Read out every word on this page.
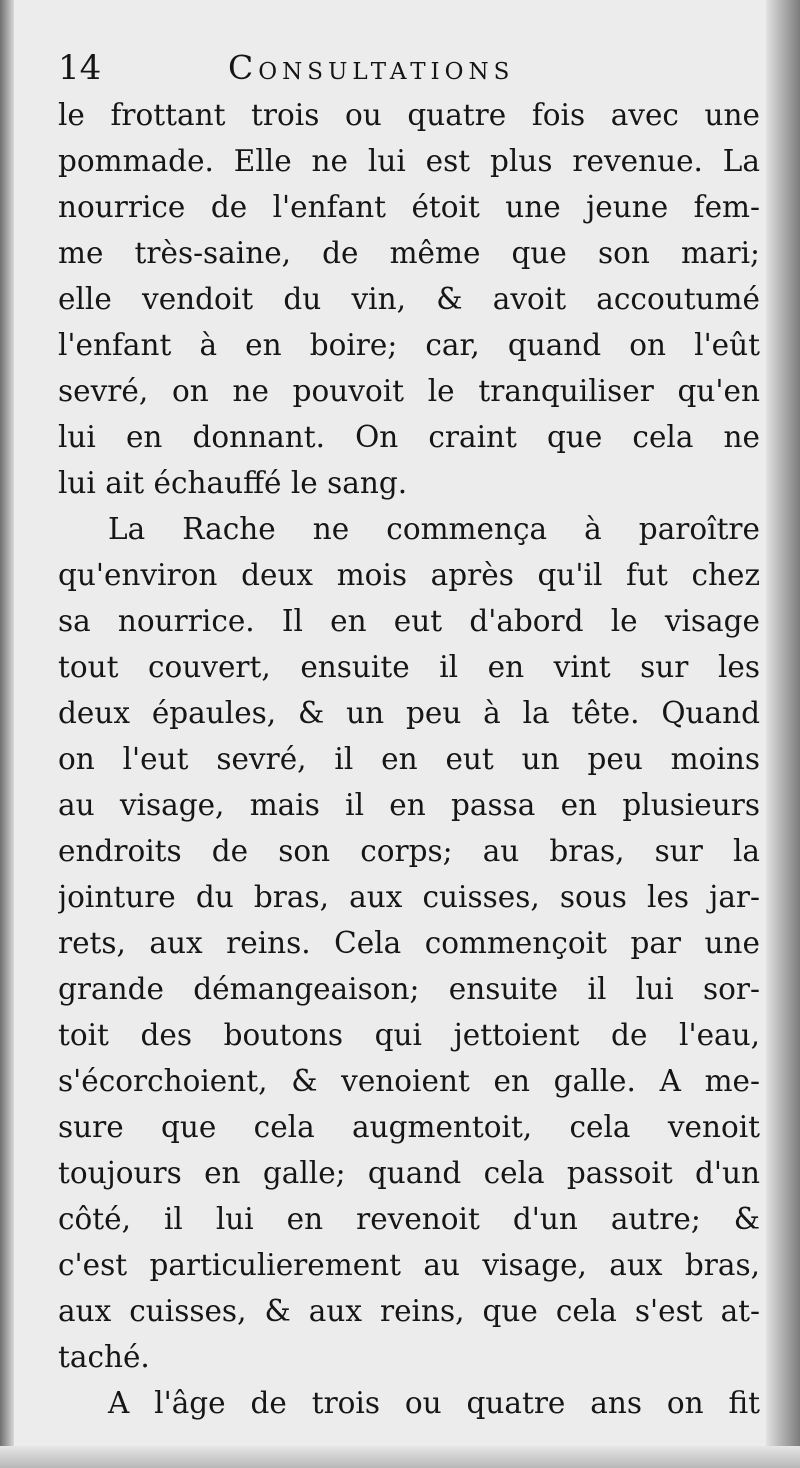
14	Consultations
le frottant trois ou quatre fois avec une
pommade. Elle ne lui est plus revenue. La
nourrice de l'enfant étoit une jeune fem-
me très-saine, de même que son mari;
elle vendoit du vin, & avoit accoutumé
l'enfant à en boire; car, quand on l'eût
sevré, on ne pouvoit le tranquiliser qu'en
lui en donnant. On craint que cela ne
lui ait échauffé le sang.
La Rache ne commença à paroître
qu'environ deux mois après qu'il fut chez
sa nourrice. Il en eut d'abord le visage
tout couvert, ensuite il en vint sur les
deux épaules, & un peu à la tête. Quand
on l'eut sevré, il en eut un peu moins
au visage, mais il en passa en plusieurs
endroits de son corps; au bras, sur la
jointure du bras, aux cuisses, sous les jar-
rets, aux reins. Cela commençoit par une
grande démangeaison; ensuite il lui sor-
toit des boutons qui jettoient de l'eau,
s'écorchoient, & venoient en galle. A me-
sure que cela augmentoit, cela venoit
toujours en galle; quand cela passoit d'un
côté, il lui en revenoit d'un autre; &
c'est particulierement au visage, aux bras,
aux cuisses, & aux reins, que cela s'est at-
taché.
A l'âge de trois ou quatre ans on fit
